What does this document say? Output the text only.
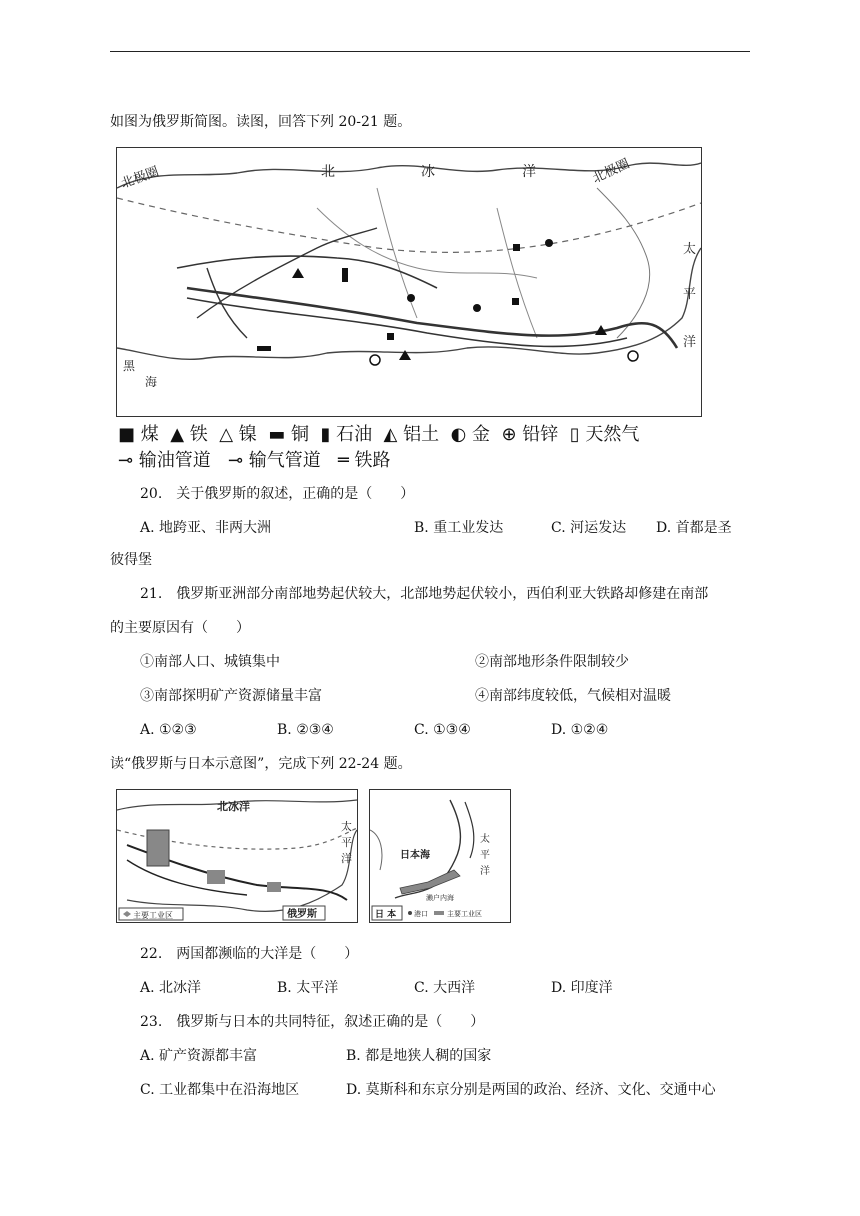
如图为俄罗斯简图。读图，回答下列 20-21 题。
北极圈	北极圈
北	冰	洋
太
平
洋
黑
海
■ 煤 ▲ 铁 △ 镍 ▬ 铜 ▮ 石油 ◭ 铝土 ◐ 金 ⊕ 铅锌 ▯ 天然气
⊸ 输油管道 ⊸ 输气管道 ═ 铁路
20.　关于俄罗斯的叙述，正确的是（　　）
A. 地跨亚、非两大洲	B. 重工业发达	C. 河运发达 D. 首都是圣
彼得堡
21.　俄罗斯亚洲部分南部地势起伏较大，北部地势起伏较小，西伯利亚大铁路却修建在南部
的主要原因有（　　）
①南部人口、城镇集中	②南部地形条件限制较少
③南部探明矿产资源储量丰富	④南部纬度较低，气候相对温暖
A. ①②③	B. ②③④	C. ①③④	D. ①②④
读“俄罗斯与日本示意图”，完成下列 22-24 题。
北冰洋
太
平
洋
俄罗斯
主要工业区
日本海
太
平
洋
濑户内海
日 本	港口	主要工业区
22.　两国都濒临的大洋是（　　）
A. 北冰洋	B. 太平洋	C. 大西洋	D. 印度洋
23.　俄罗斯与日本的共同特征，叙述正确的是（　　）
A. 矿产资源都丰富	B. 都是地狭人稠的国家
C. 工业都集中在沿海地区	D. 莫斯科和东京分别是两国的政治、经济、文化、交通中心
